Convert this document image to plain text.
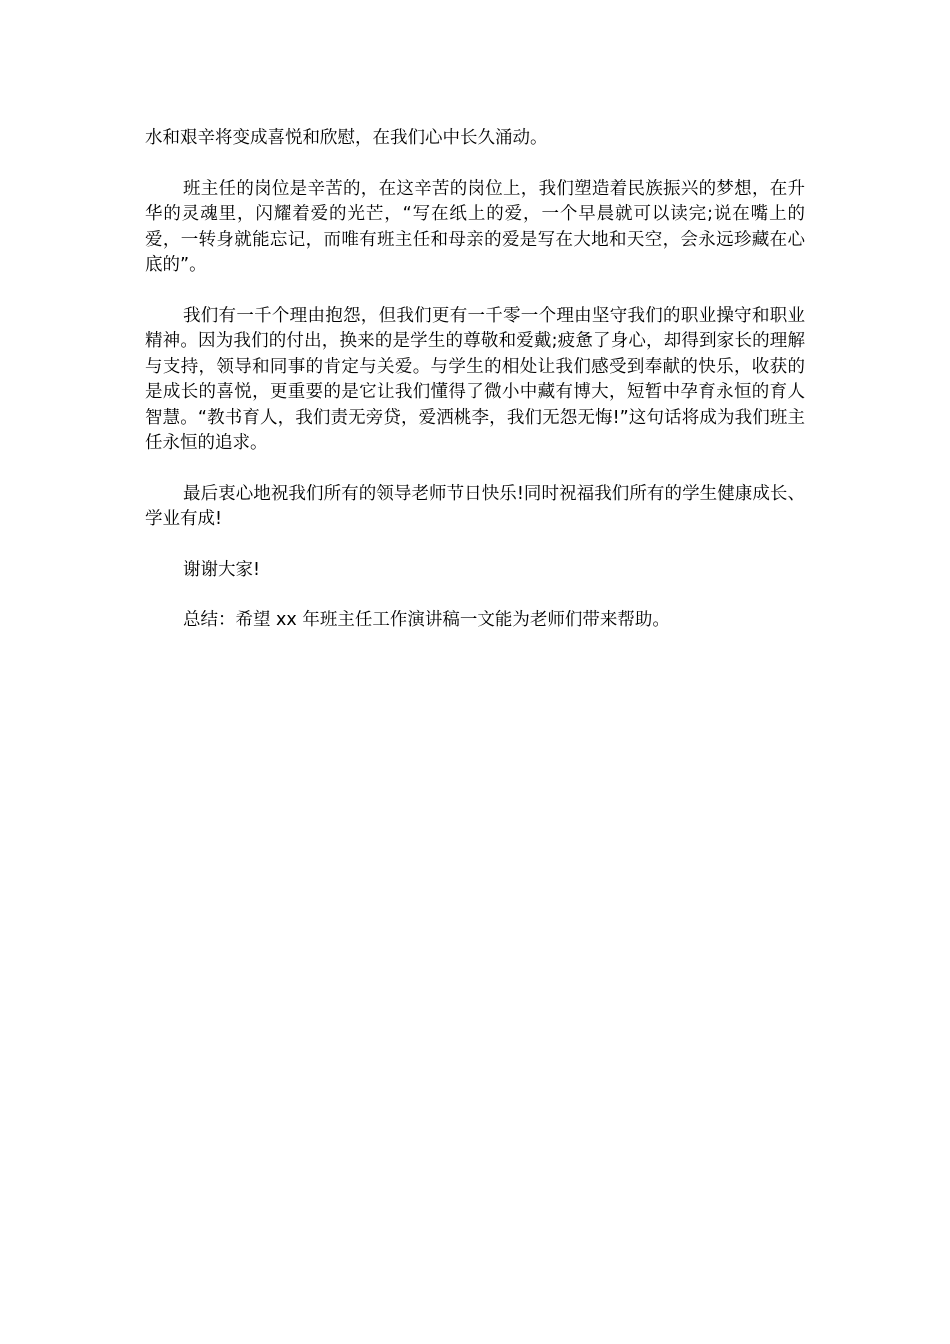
水和艰辛将变成喜悦和欣慰，在我们心中长久涌动。

班主任的岗位是辛苦的，在这辛苦的岗位上，我们塑造着民族振兴的梦想，在升华的灵魂里，闪耀着爱的光芒，“写在纸上的爱，一个早晨就可以读完;说在嘴上的爱，一转身就能忘记，而唯有班主任和母亲的爱是写在大地和天空，会永远珍藏在心底的”。

我们有一千个理由抱怨，但我们更有一千零一个理由坚守我们的职业操守和职业精神。因为我们的付出，换来的是学生的尊敬和爱戴;疲惫了身心，却得到家长的理解与支持，领导和同事的肯定与关爱。与学生的相处让我们感受到奉献的快乐，收获的是成长的喜悦，更重要的是它让我们懂得了微小中藏有博大，短暂中孕育永恒的育人智慧。“教书育人，我们责无旁贷，爱洒桃李，我们无怨无悔!”这句话将成为我们班主任永恒的追求。

最后衷心地祝我们所有的领导老师节日快乐!同时祝福我们所有的学生健康成长、学业有成!

谢谢大家!

总结：希望 xx 年班主任工作演讲稿一文能为老师们带来帮助。
